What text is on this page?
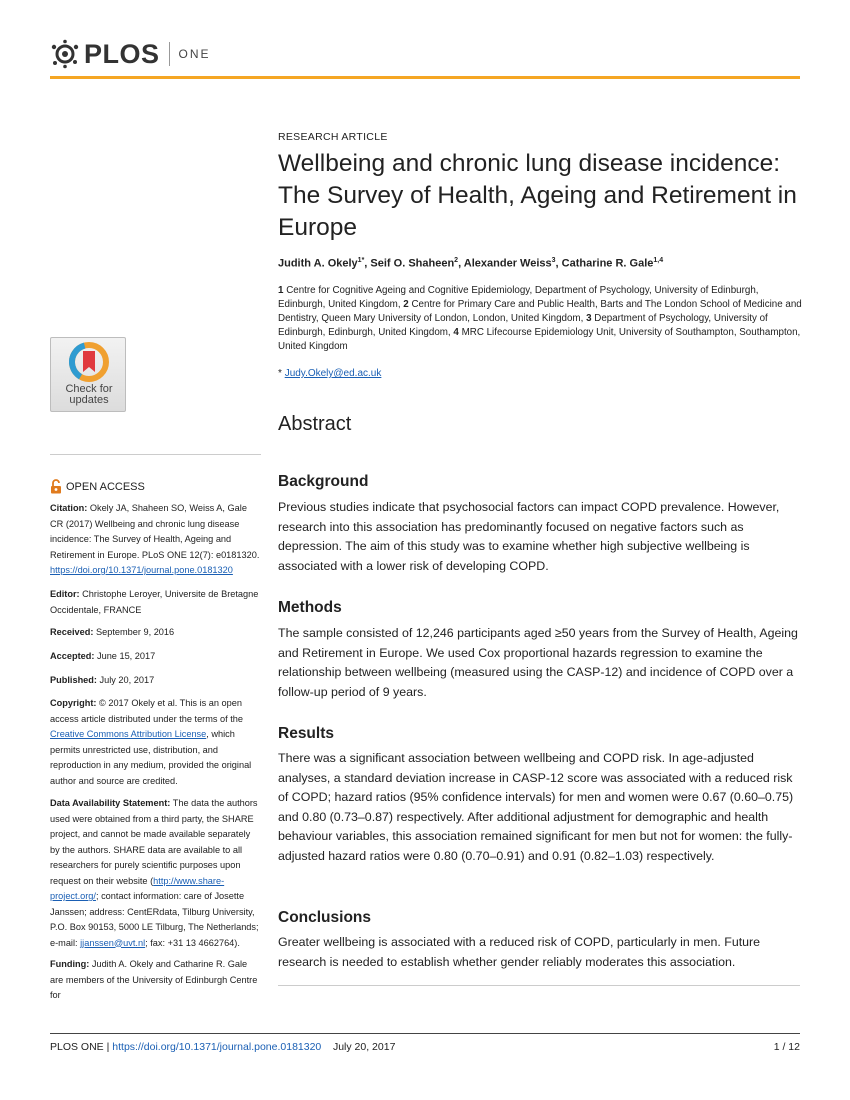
PLOS ONE
Check for
updates
OPEN ACCESS
Citation: Okely JA, Shaheen SO, Weiss A, Gale CR (2017) Wellbeing and chronic lung disease incidence: The Survey of Health, Ageing and Retirement in Europe. PLoS ONE 12(7): e0181320. https://doi.org/10.1371/journal.pone.0181320
Editor: Christophe Leroyer, Universite de Bretagne Occidentale, FRANCE
Received: September 9, 2016
Accepted: June 15, 2017
Published: July 20, 2017
Copyright: © 2017 Okely et al. This is an open access article distributed under the terms of the Creative Commons Attribution License, which permits unrestricted use, distribution, and reproduction in any medium, provided the original author and source are credited.
Data Availability Statement: The data the authors used were obtained from a third party, the SHARE project, and cannot be made available separately by the authors. SHARE data are available to all researchers for purely scientific purposes upon request on their website (http://www.share-project.org/; contact information: care of Josette Janssen; address: CentERdata, Tilburg University, P.O. Box 90153, 5000 LE Tilburg, The Netherlands; e-mail: jjanssen@uvt.nl; fax: +31 13 4662764).
Funding: Judith A. Okely and Catharine R. Gale are members of the University of Edinburgh Centre for
RESEARCH ARTICLE
Wellbeing and chronic lung disease incidence: The Survey of Health, Ageing and Retirement in Europe
Judith A. Okely$^{1*}$, Seif O. Shaheen$^2$, Alexander Weiss$^3$, Catharine R. Gale$^{1,4}$
1 Centre for Cognitive Ageing and Cognitive Epidemiology, Department of Psychology, University of Edinburgh, Edinburgh, United Kingdom, 2 Centre for Primary Care and Public Health, Barts and The London School of Medicine and Dentistry, Queen Mary University of London, London, United Kingdom, 3 Department of Psychology, University of Edinburgh, Edinburgh, United Kingdom, 4 MRC Lifecourse Epidemiology Unit, University of Southampton, Southampton, United Kingdom
* Judy.Okely@ed.ac.uk
Abstract
Background
Previous studies indicate that psychosocial factors can impact COPD prevalence. However, research into this association has predominantly focused on negative factors such as depression. The aim of this study was to examine whether high subjective wellbeing is associated with a lower risk of developing COPD.
Methods
The sample consisted of 12,246 participants aged ≥50 years from the Survey of Health, Ageing and Retirement in Europe. We used Cox proportional hazards regression to examine the relationship between wellbeing (measured using the CASP-12) and incidence of COPD over a follow-up period of 9 years.
Results
There was a significant association between wellbeing and COPD risk. In age-adjusted analyses, a standard deviation increase in CASP-12 score was associated with a reduced risk of COPD; hazard ratios (95% confidence intervals) for men and women were 0.67 (0.60–0.75) and 0.80 (0.73–0.87) respectively. After additional adjustment for demographic and health behaviour variables, this association remained significant for men but not for women: the fully-adjusted hazard ratios were 0.80 (0.70–0.91) and 0.91 (0.82–1.03) respectively.
Conclusions
Greater wellbeing is associated with a reduced risk of COPD, particularly in men. Future research is needed to establish whether gender reliably moderates this association.
PLOS ONE | https://doi.org/10.1371/journal.pone.0181320 July 20, 2017	1 / 12
